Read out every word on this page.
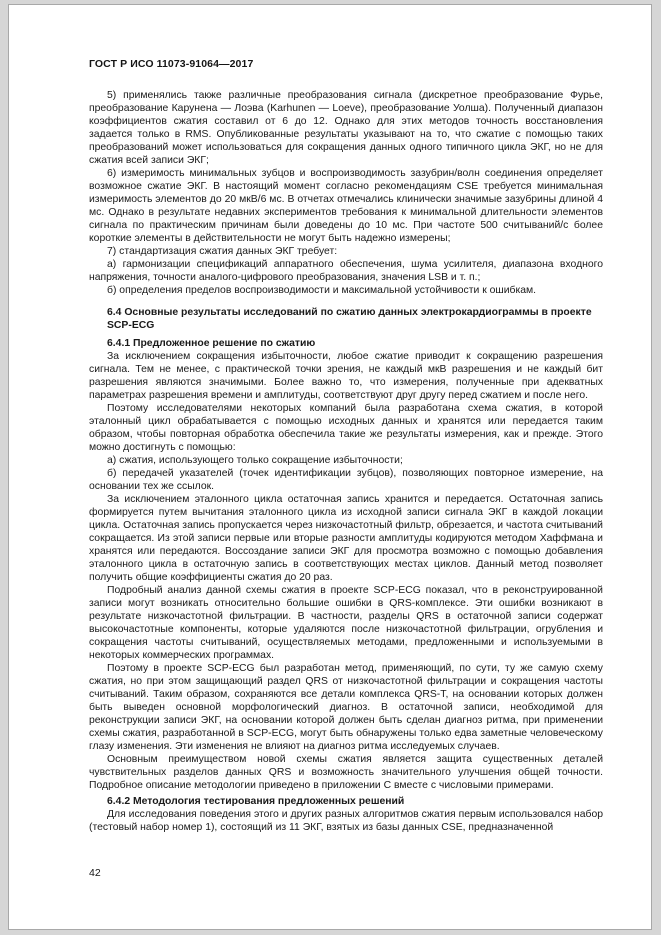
ГОСТ Р ИСО 11073-91064—2017

5) применялись также различные преобразования сигнала (дискретное преобразование Фурье, преобразование Карунена — Лоэва (Karhunen — Loeve), преобразование Уолша). Полученный диапазон коэффициентов сжатия составил от 6 до 12. Однако для этих методов точность восстановления задается только в RMS. Опубликованные результаты указывают на то, что сжатие с помощью таких преобразований может использоваться для сокращения данных одного типичного цикла ЭКГ, но не для сжатия всей записи ЭКГ;

6) измеримость минимальных зубцов и воспроизводимость зазубрин/волн соединения определяет возможное сжатие ЭКГ. В настоящий момент согласно рекомендациям CSE требуется минимальная измеримость элементов до 20 мкВ/6 мс. В отчетах отмечались клинически значимые зазубрины длиной 4 мс. Однако в результате недавних экспериментов требования к минимальной длительности элементов сигнала по практическим причинам были доведены до 10 мс. При частоте 500 считываний/с более короткие элементы в действительности не могут быть надежно измерены;

7) стандартизация сжатия данных ЭКГ требует:

а) гармонизации спецификаций аппаратного обеспечения, шума усилителя, диапазона входного напряжения, точности аналого-цифрового преобразования, значения LSB и т. п.;

б) определения пределов воспроизводимости и максимальной устойчивости к ошибкам.

6.4 Основные результаты исследований по сжатию данных электрокардиограммы в проекте SCP-ECG

6.4.1 Предложенное решение по сжатию

За исключением сокращения избыточности, любое сжатие приводит к сокращению разрешения сигнала. Тем не менее, с практической точки зрения, не каждый мкВ разрешения и не каждый бит разрешения являются значимыми. Более важно то, что измерения, полученные при адекватных параметрах разрешения времени и амплитуды, соответствуют друг другу перед сжатием и после него.

Поэтому исследователями некоторых компаний была разработана схема сжатия, в которой эталонный цикл обрабатывается с помощью исходных данных и хранятся или передается таким образом, чтобы повторная обработка обеспечила такие же результаты измерения, как и прежде. Этого можно достигнуть с помощью:

а) сжатия, использующего только сокращение избыточности;

б) передачей указателей (точек идентификации зубцов), позволяющих повторное измерение, на основании тех же ссылок.

За исключением эталонного цикла остаточная запись хранится и передается. Остаточная запись формируется путем вычитания эталонного цикла из исходной записи сигнала ЭКГ в каждой локации цикла. Остаточная запись пропускается через низкочастотный фильтр, обрезается, и частота считываний сокращается. Из этой записи первые или вторые разности амплитуды кодируются методом Хаффмана и хранятся или передаются. Воссоздание записи ЭКГ для просмотра возможно с помощью добавления эталонного цикла в остаточную запись в соответствующих местах циклов. Данный метод позволяет получить общие коэффициенты сжатия до 20 раз.

Подробный анализ данной схемы сжатия в проекте SCP-ECG показал, что в реконструированной записи могут возникать относительно большие ошибки в QRS-комплексе. Эти ошибки возникают в результате низкочастотной фильтрации. В частности, разделы QRS в остаточной записи содержат высокочастотные компоненты, которые удаляются после низкочастотной фильтрации, огрубления и сокращения частоты считываний, осуществляемых методами, предложенными и используемыми в некоторых коммерческих программах.

Поэтому в проекте SCP-ECG был разработан метод, применяющий, по сути, ту же самую схему сжатия, но при этом защищающий раздел QRS от низкочастотной фильтрации и сокращения частоты считываний. Таким образом, сохраняются все детали комплекса QRS-T, на основании которых должен быть выведен основной морфологический диагноз. В остаточной записи, необходимой для реконструкции записи ЭКГ, на основании которой должен быть сделан диагноз ритма, при применении схемы сжатия, разработанной в SCP-ECG, могут быть обнаружены только едва заметные человеческому глазу изменения. Эти изменения не влияют на диагноз ритма исследуемых случаев.

Основным преимуществом новой схемы сжатия является защита существенных деталей чувствительных разделов данных QRS и возможность значительного улучшения общей точности. Подробное описание методологии приведено в приложении С вместе с числовыми примерами.

6.4.2 Методология тестирования предложенных решений

Для исследования поведения этого и других разных алгоритмов сжатия первым использовался набор (тестовый набор номер 1), состоящий из 11 ЭКГ, взятых из базы данных CSE, предназначенной

42
